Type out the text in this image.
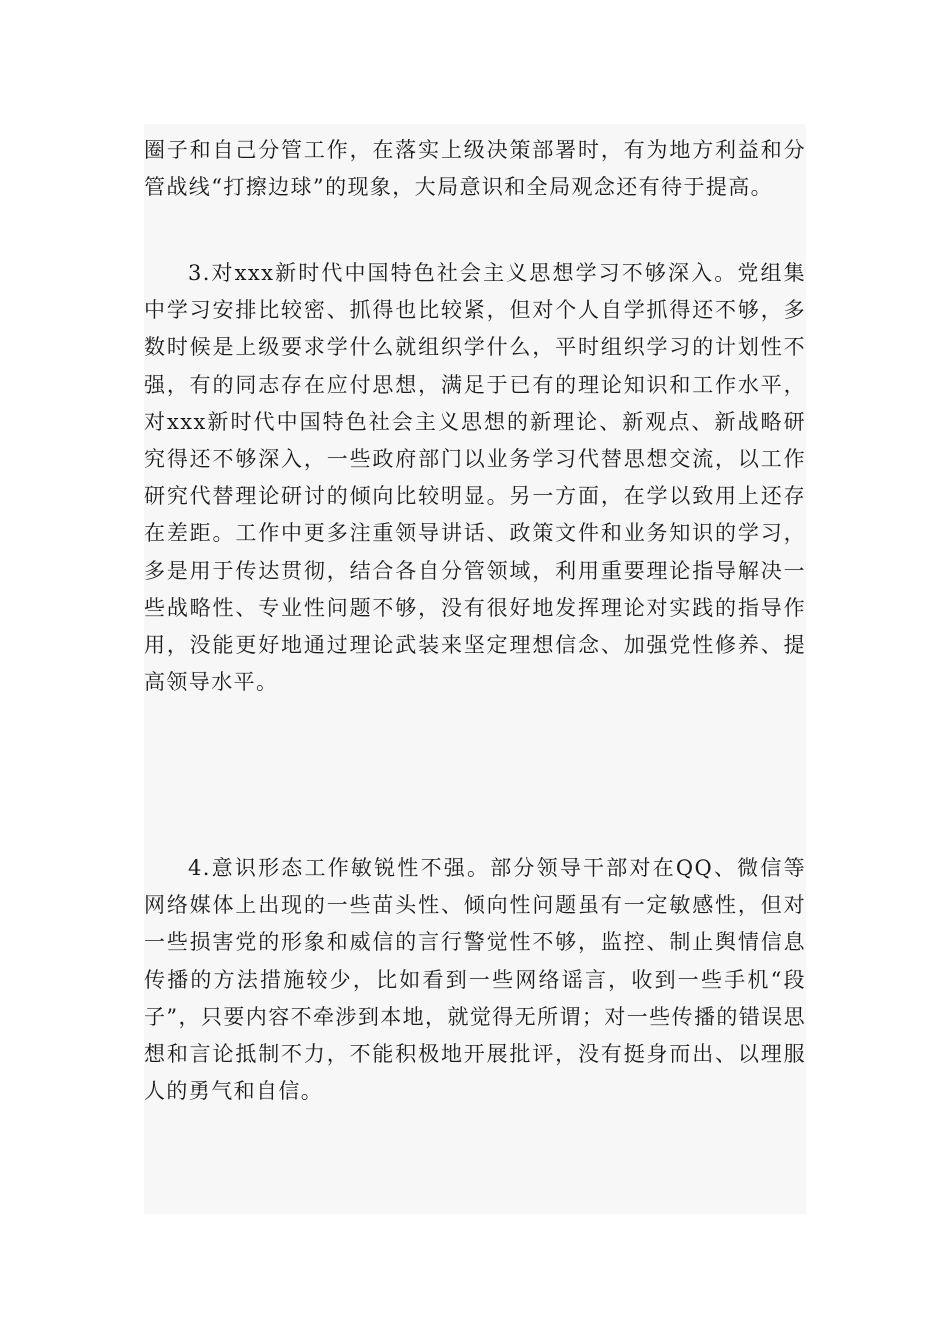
圈子和自己分管工作，在落实上级决策部署时，有为地方利益和分管战线“打擦边球”的现象，大局意识和全局观念还有待于提高。

3.对xxx新时代中国特色社会主义思想学习不够深入。党组集中学习安排比较密、抓得也比较紧，但对个人自学抓得还不够，多数时候是上级要求学什么就组织学什么，平时组织学习的计划性不强，有的同志存在应付思想，满足于已有的理论知识和工作水平，对xxx新时代中国特色社会主义思想的新理论、新观点、新战略研究得还不够深入，一些政府部门以业务学习代替思想交流，以工作研究代替理论研讨的倾向比较明显。另一方面，在学以致用上还存在差距。工作中更多注重领导讲话、政策文件和业务知识的学习，多是用于传达贯彻，结合各自分管领域，利用重要理论指导解决一些战略性、专业性问题不够，没有很好地发挥理论对实践的指导作用，没能更好地通过理论武装来坚定理想信念、加强党性修养、提高领导水平。

4.意识形态工作敏锐性不强。部分领导干部对在QQ、微信等网络媒体上出现的一些苗头性、倾向性问题虽有一定敏感性，但对一些损害党的形象和威信的言行警觉性不够，监控、制止舆情信息传播的方法措施较少，比如看到一些网络谣言，收到一些手机“段子”，只要内容不牵涉到本地，就觉得无所谓；对一些传播的错误思想和言论抵制不力，不能积极地开展批评，没有挺身而出、以理服人的勇气和自信。
